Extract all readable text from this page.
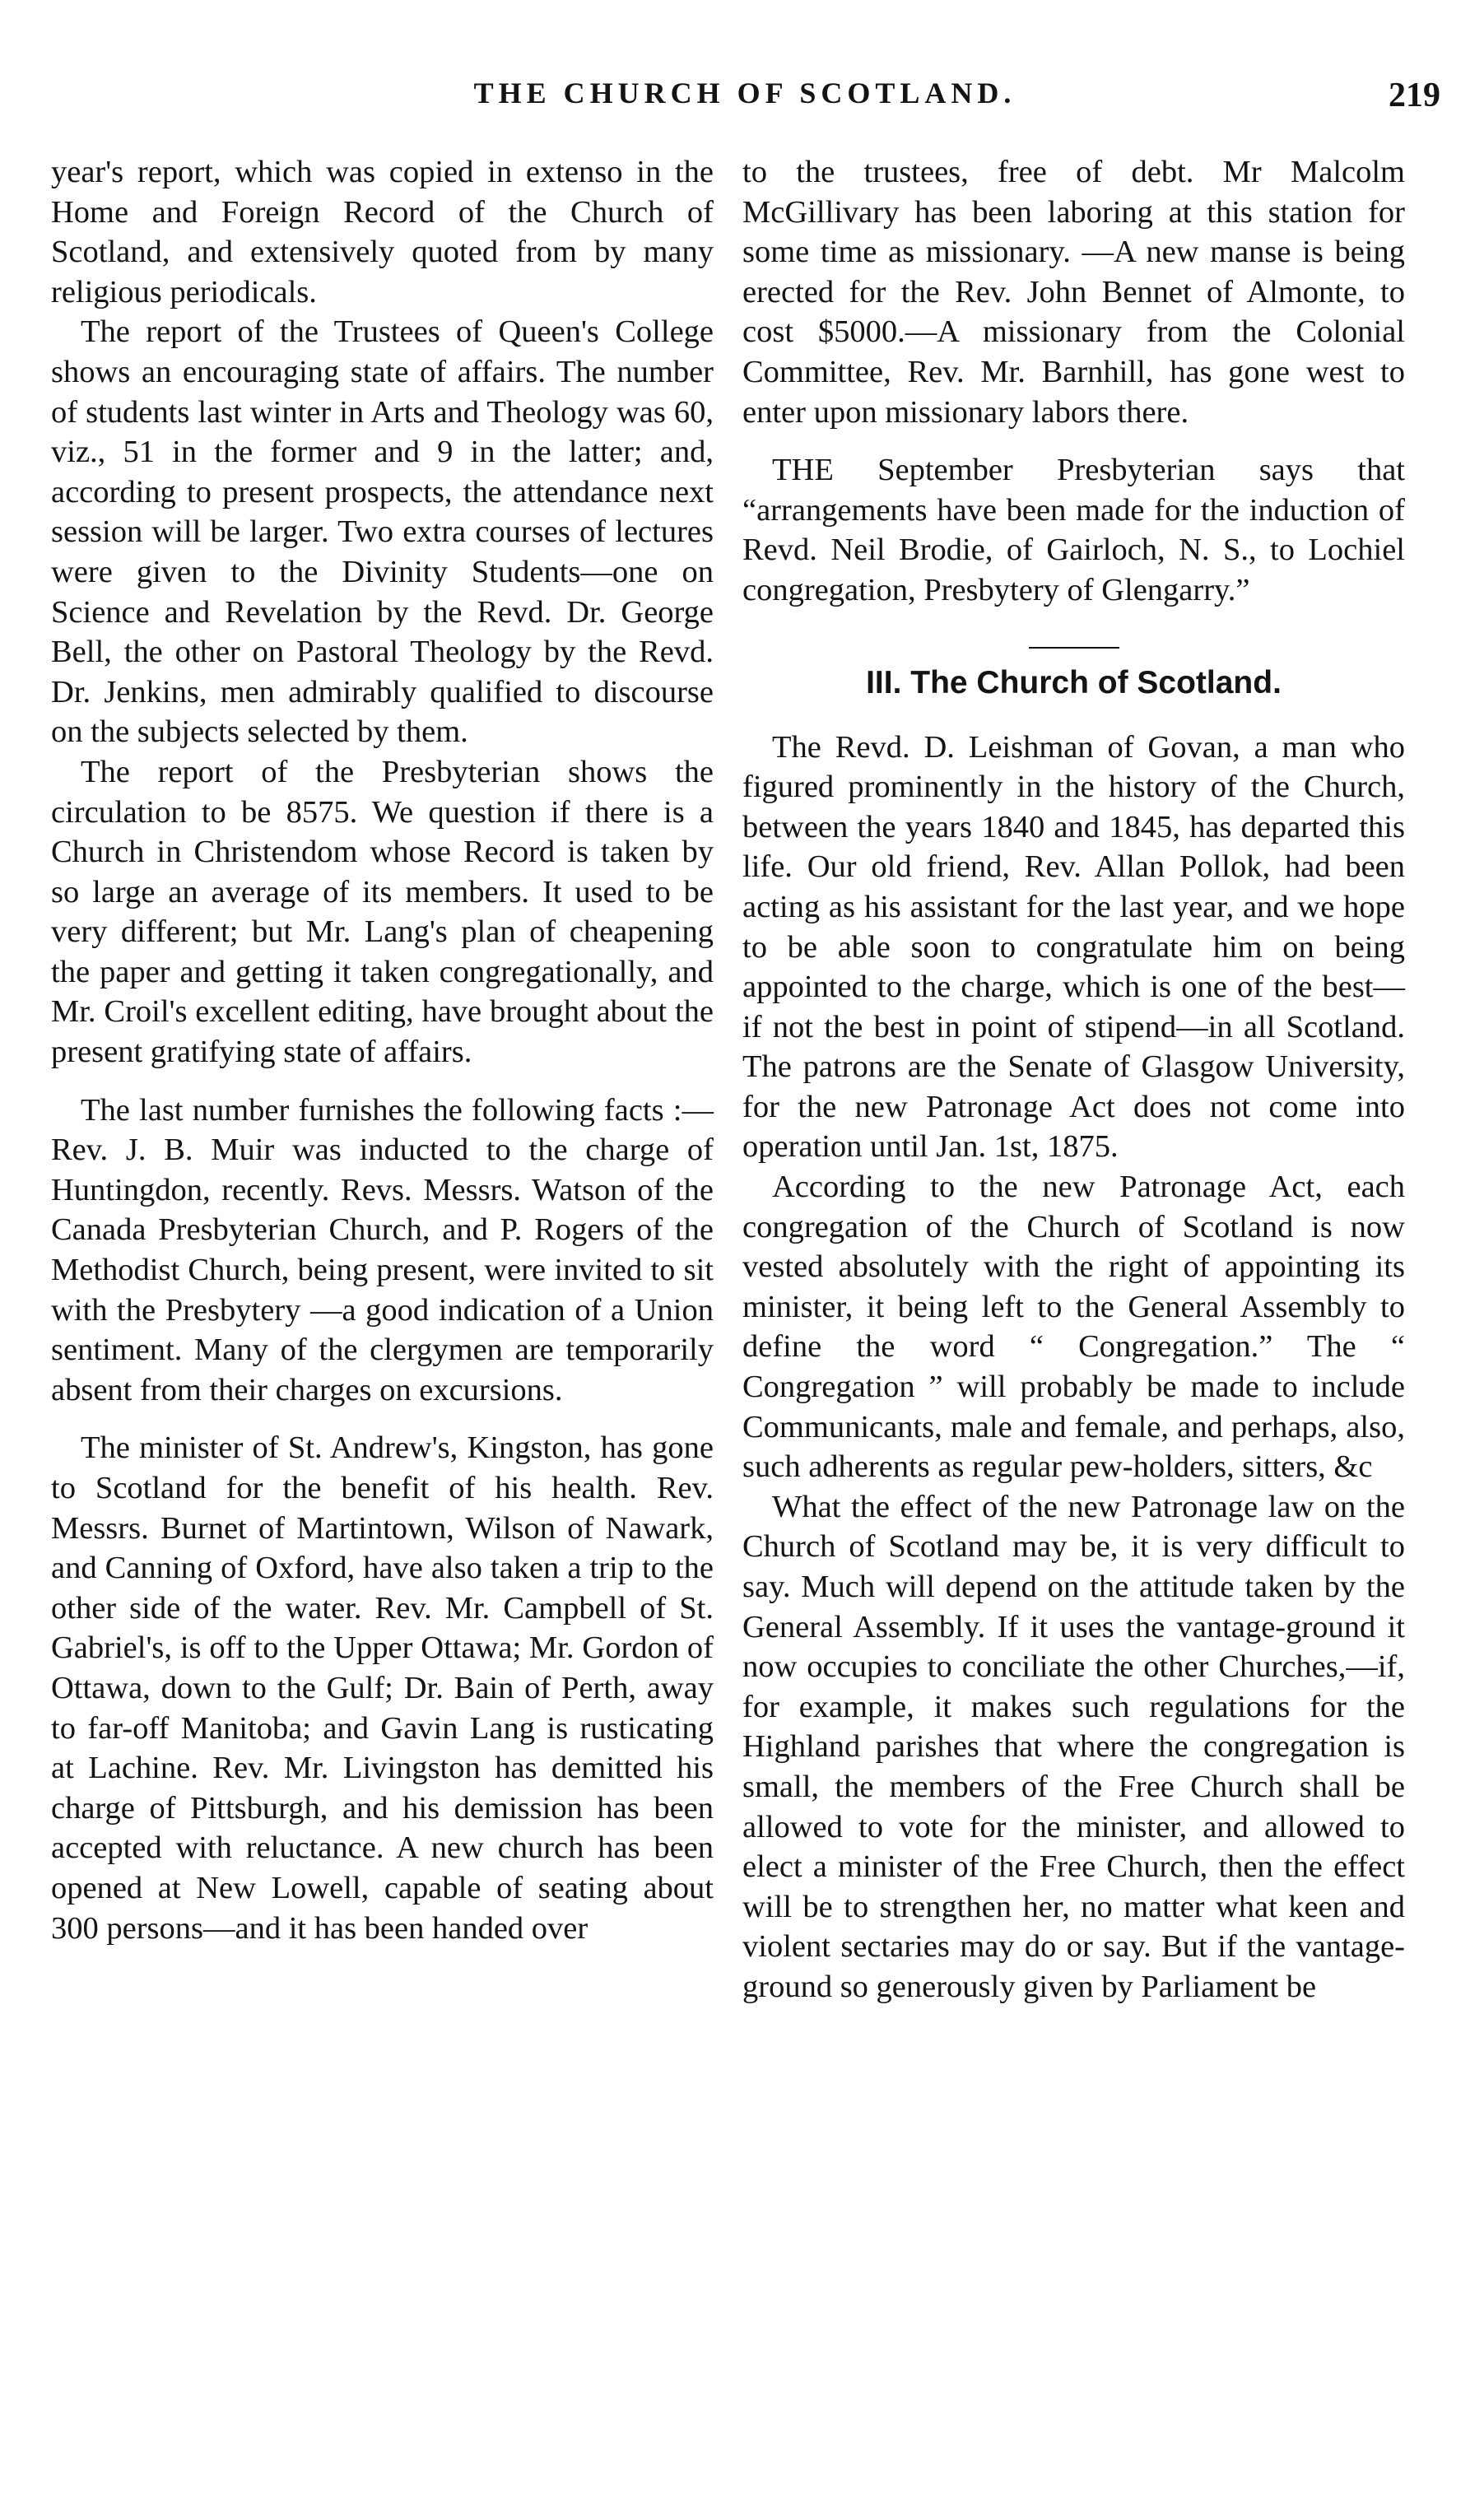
THE CHURCH OF SCOTLAND.	219

year's report, which was copied in extenso in the Home and Foreign Record of the Church of Scotland, and extensively quoted from by many religious periodicals.

The report of the Trustees of Queen's College shows an encouraging state of affairs. The number of students last winter in Arts and Theology was 60, viz., 51 in the former and 9 in the latter; and, according to present prospects, the attendance next session will be larger. Two extra courses of lectures were given to the Divinity Students—one on Science and Revelation by the Revd. Dr. George Bell, the other on Pastoral Theology by the Revd. Dr. Jenkins, men admirably qualified to discourse on the subjects selected by them.

The report of the Presbyterian shows the circulation to be 8575. We question if there is a Church in Christendom whose Record is taken by so large an average of its members. It used to be very different; but Mr. Lang's plan of cheapening the paper and getting it taken congregationally, and Mr. Croil's excellent editing, have brought about the present gratifying state of affairs.

The last number furnishes the following facts :—Rev. J. B. Muir was inducted to the charge of Huntingdon, recently. Revs. Messrs. Watson of the Canada Presbyterian Church, and P. Rogers of the Methodist Church, being present, were invited to sit with the Presbytery —a good indication of a Union sentiment. Many of the clergymen are temporarily absent from their charges on excursions.

The minister of St. Andrew's, Kingston, has gone to Scotland for the benefit of his health. Rev. Messrs. Burnet of Martintown, Wilson of Nawark, and Canning of Oxford, have also taken a trip to the other side of the water. Rev. Mr. Campbell of St. Gabriel's, is off to the Upper Ottawa; Mr. Gordon of Ottawa, down to the Gulf; Dr. Bain of Perth, away to far-off Manitoba; and Gavin Lang is rusticating at Lachine. Rev. Mr. Livingston has demitted his charge of Pittsburgh, and his demission has been accepted with reluctance. A new church has been opened at New Lowell, capable of seating about 300 persons—and it has been handed over

to the trustees, free of debt. Mr Malcolm McGillivary has been laboring at this station for some time as missionary. —A new manse is being erected for the Rev. John Bennet of Almonte, to cost $5000.—A missionary from the Colonial Committee, Rev. Mr. Barnhill, has gone west to enter upon missionary labors there.

THE September Presbyterian says that “arrangements have been made for the induction of Revd. Neil Brodie, of Gairloch, N. S., to Lochiel congregation, Presbytery of Glengarry.”

III. The Church of Scotland.

The Revd. D. Leishman of Govan, a man who figured prominently in the history of the Church, between the years 1840 and 1845, has departed this life. Our old friend, Rev. Allan Pollok, had been acting as his assistant for the last year, and we hope to be able soon to congratulate him on being appointed to the charge, which is one of the best—if not the best in point of stipend—in all Scotland. The patrons are the Senate of Glasgow University, for the new Patronage Act does not come into operation until Jan. 1st, 1875.

According to the new Patronage Act, each congregation of the Church of Scotland is now vested absolutely with the right of appointing its minister, it being left to the General Assembly to define the word “ Congregation.” The “ Congregation ” will probably be made to include Communicants, male and female, and perhaps, also, such adherents as regular pew-holders, sitters, &c

What the effect of the new Patronage law on the Church of Scotland may be, it is very difficult to say. Much will depend on the attitude taken by the General Assembly. If it uses the vantage-ground it now occupies to conciliate the other Churches,—if, for example, it makes such regulations for the Highland parishes that where the congregation is small, the members of the Free Church shall be allowed to vote for the minister, and allowed to elect a minister of the Free Church, then the effect will be to strengthen her, no matter what keen and violent sectaries may do or say. But if the vantage-ground so generously given by Parliament be
